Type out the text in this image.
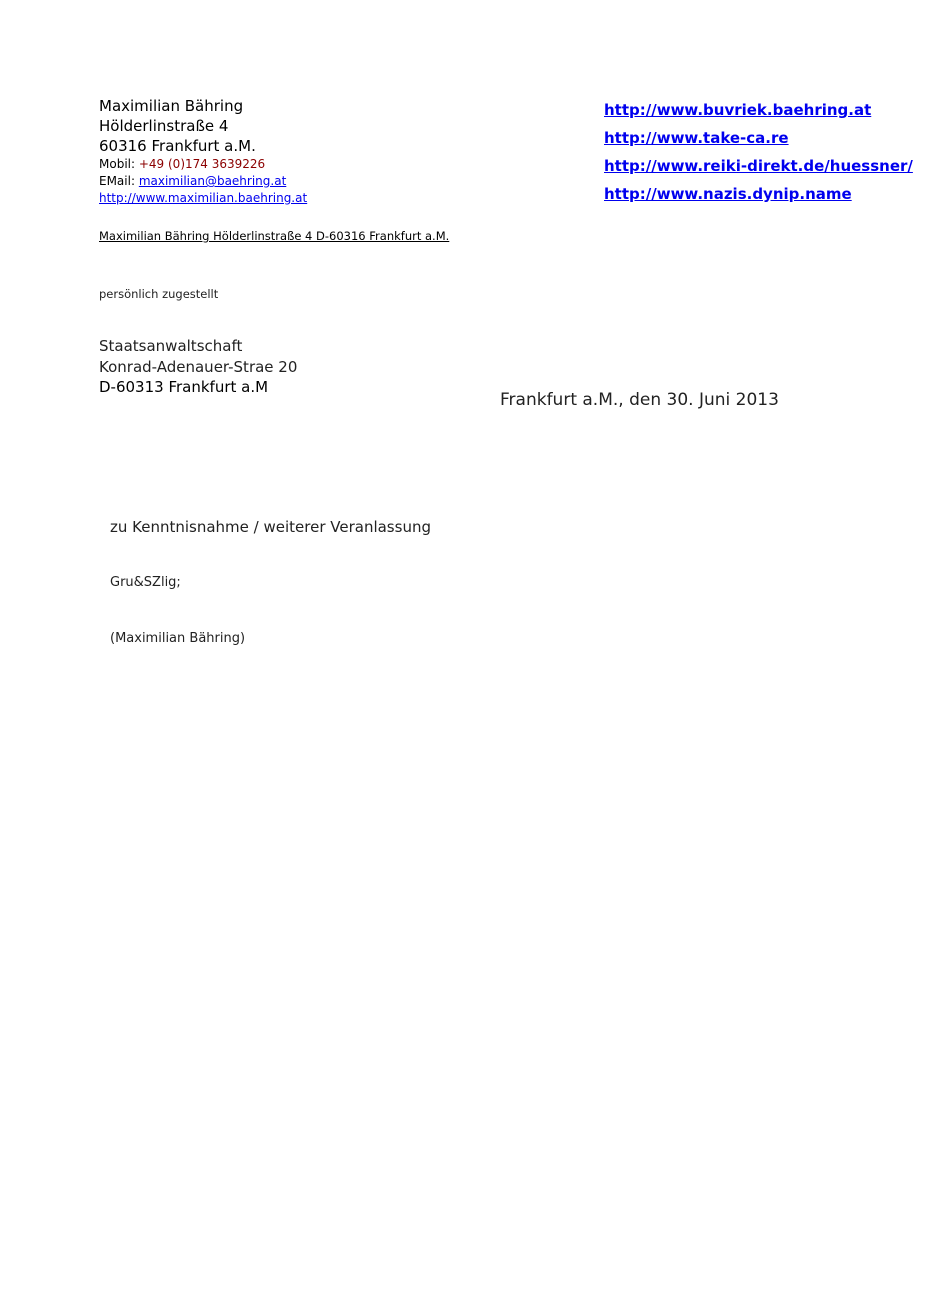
Maximilian Bähring
Hölderlinstraße 4
60316 Frankfurt a.M.
Mobil: +49 (0)174 3639226
EMail: maximilian@baehring.at
http://www.maximilian.baehring.at
http://www.buvriek.baehring.at
http://www.take-ca.re
http://www.reiki-direkt.de/huessner/
http://www.nazis.dynip.name
Maximilian Bähring Hölderlinstraße 4 D-60316 Frankfurt a.M.
persönlich zugestellt
Staatsanwaltschaft
Konrad-Adenauer-Strae 20
D-60313 Frankfurt a.M
Frankfurt a.M., den 30. Juni 2013
zu Kenntnisnahme / weiterer Veranlassung
Gru&SZlig;
(Maximilian Bähring)
